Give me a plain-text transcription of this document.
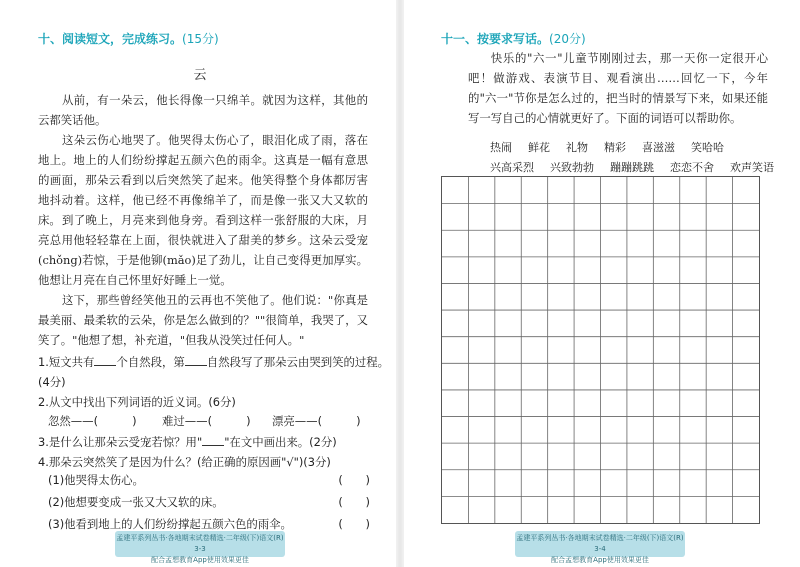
十、阅读短文，完成练习。(15分)
云

从前，有一朵云，他长得像一只绵羊。就因为这样，其他的云都笑话他。

这朵云伤心地哭了。他哭得太伤心了，眼泪化成了雨，落在地上。地上的人们纷纷撑起五颜六色的雨伞。这真是一幅有意思的画面，那朵云看到以后突然笑了起来。他笑得整个身体都厉害地抖动着。这样，他已经不再像绵羊了，而是像一张又大又软的床。 到了晚上，月亮来到他身旁。看到这样一张舒服的大床，月亮总用他轻轻靠在上面，很快就进入了甜美的梦乡。这朵云受宠(chǒng)若惊，于是他铆(mǎo)足了劲儿，让自己变得更加厚实。他想让月亮在自己怀里好好睡上一觉。

这下，那些曾经笑他丑的云再也不笑他了。他们说："你真是最美丽、最柔软的云朵，你是怎么做到的？""很简单，我哭了，又笑了。"他想了想，补充道，"但我从没笑过任何人。"

1.短文共有 个自然段，第 自然段写了那朵云由哭到笑的过程。
(4分)
2.从文中找出下列词语的近义词。(6分)
忽然——(　　　) 难过——(　　　) 漂亮——(　　　)
3.是什么让那朵云受宠若惊？用" "在文中画出来。(2分)
4.那朵云突然笑了是因为什么？(给正确的原因画"√")(3分)
(1)他哭得太伤心。	(　　)
(2)他想要变成一张又大又软的床。	(　　)
(3)他看到地上的人们纷纷撑起五颜六色的雨伞。	(　　)
孟建平系列丛书·各地期末试卷精选·二年级(下)语文(R)　3-3
配合孟想教育App使用效果更佳
十一、按要求写话。(20分)

快乐的"六一"儿童节刚刚过去，那一天你一定很开心吧！做游戏、表演节目、观看演出……回忆一下，今年的"六一"节你是怎么过的，把当时的情景写下来，如果还能写一写自己的心情就更好了。下面的词语可以帮助你。

热闹 鲜花 礼物 精彩 喜滋滋 笑哈哈
兴高采烈 兴致勃勃 蹦蹦跳跳 恋恋不舍 欢声笑语
孟建平系列丛书·各地期末试卷精选·二年级(下)语文(R)　3-4
配合孟想教育App使用效果更佳
